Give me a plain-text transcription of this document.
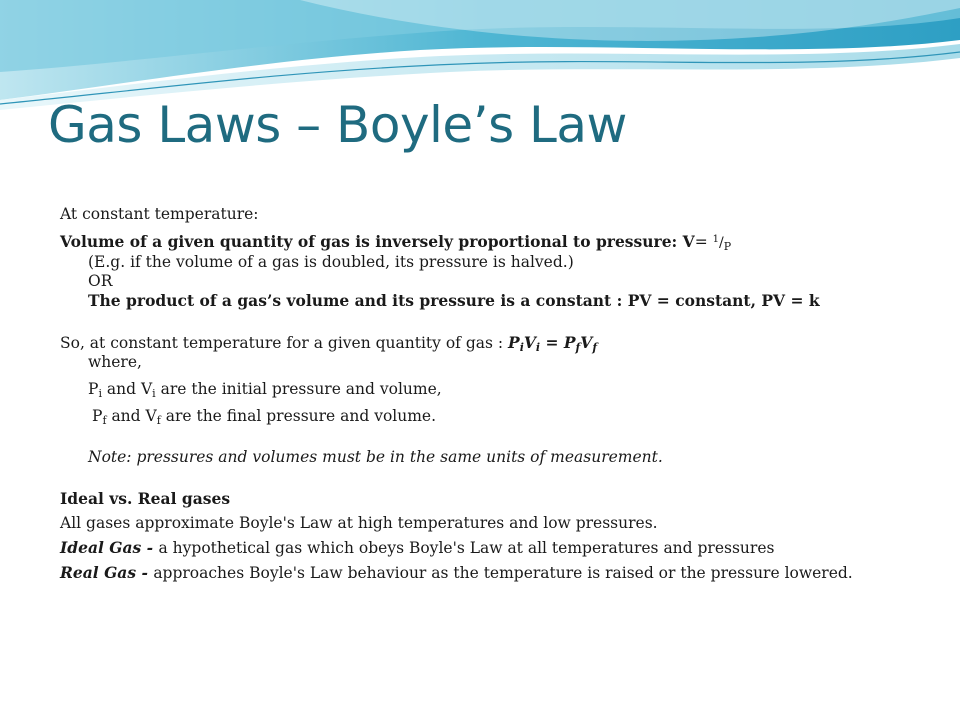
Gas Laws – Boyle’s Law

At constant temperature:

Volume of a given quantity of gas is inversely proportional to pressure: $V= ^1/_P$

(E.g. if the volume of a gas is doubled, its pressure is halved.)

OR

The product of a gas’s volume and its pressure is a constant : PV = constant, PV = k

So, at constant temperature for a given quantity of gas : $P_iV_i = P_fV_f$

where,

$P_i$ and $V_i$ are the initial pressure and volume,

$P_f$ and $V_f$ are the final pressure and volume.

Note: pressures and volumes must be in the same units of measurement.

Ideal vs. Real gases

All gases approximate Boyle's Law at high temperatures and low pressures.

Ideal Gas - a hypothetical gas which obeys Boyle's Law at all temperatures and pressures

Real Gas - approaches Boyle's Law behaviour as the temperature is raised or the pressure lowered.
